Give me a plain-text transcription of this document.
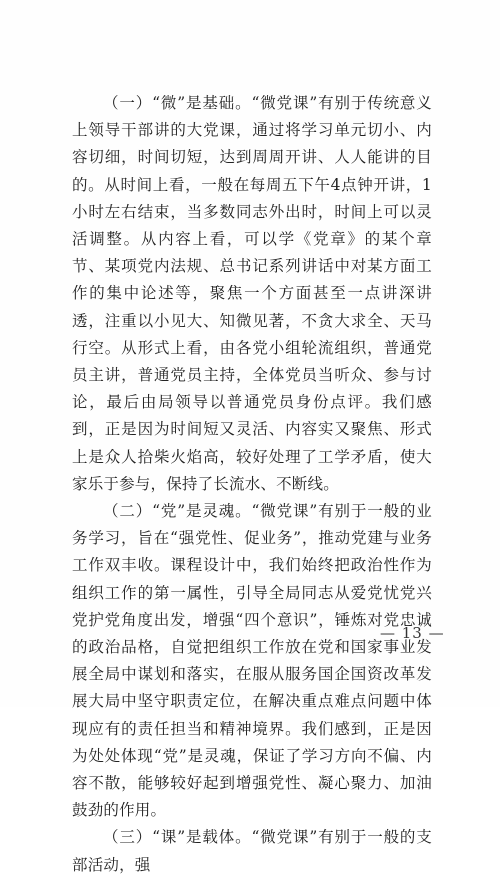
（一）“微”是基础。“微党课”有别于传统意义上领导干部讲的大党课，通过将学习单元切小、内容切细，时间切短，达到周周开讲、人人能讲的目的。从时间上看，一般在每周五下午4点钟开讲，1小时左右结束，当多数同志外出时，时间上可以灵活调整。从内容上看，可以学《党章》的某个章节、某项党内法规、总书记系列讲话中对某方面工作的集中论述等，聚焦一个方面甚至一点讲深讲透，注重以小见大、知微见著，不贪大求全、天马行空。从形式上看，由各党小组轮流组织，普通党员主讲，普通党员主持，全体党员当听众、参与讨论，最后由局领导以普通党员身份点评。我们感到，正是因为时间短又灵活、内容实又聚焦、形式上是众人拾柴火焰高，较好处理了工学矛盾，使大家乐于参与，保持了长流水、不断线。

（二）“党”是灵魂。“微党课”有别于一般的业务学习，旨在“强党性、促业务”，推动党建与业务工作双丰收。课程设计中，我们始终把政治性作为组织工作的第一属性，引导全局同志从爱党忧党兴党护党角度出发，增强“四个意识”，锤炼对党忠诚的政治品格，自觉把组织工作放在党和国家事业发展全局中谋划和落实，在服从服务国企国资改革发展大局中坚守职责定位，在解决重点难点问题中体现应有的责任担当和精神境界。我们感到，正是因为处处体现“党”是灵魂，保证了学习方向不偏、内容不散，能够较好起到增强党性、凝心聚力、加油鼓劲的作用。

（三）“课”是载体。“微党课”有别于一般的支部活动，强

— 13 —
